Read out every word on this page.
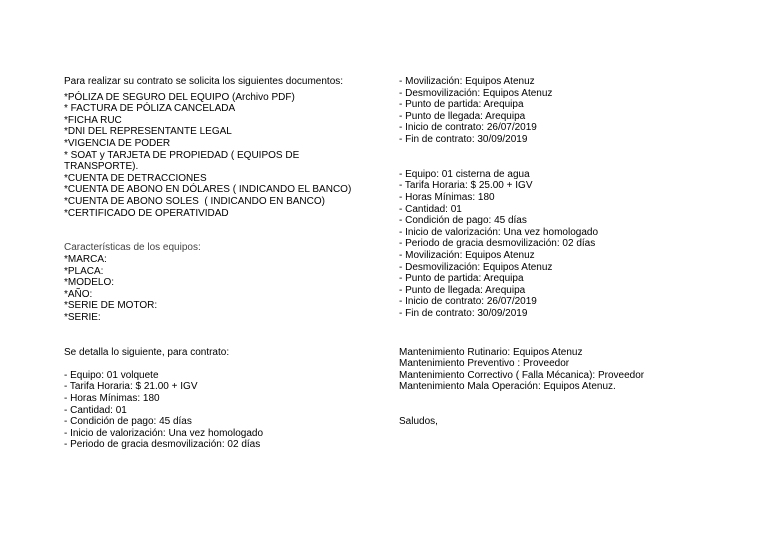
Para realizar su contrato se solicita los siguientes documentos:
*PÓLIZA DE SEGURO DEL EQUIPO (Archivo PDF)
* FACTURA DE PÓLIZA CANCELADA
*FICHA RUC
*DNI DEL REPRESENTANTE LEGAL
*VIGENCIA DE PODER
* SOAT y TARJETA DE PROPIEDAD ( EQUIPOS DE
TRANSPORTE).
*CUENTA DE DETRACCIONES
*CUENTA DE ABONO EN DÓLARES ( INDICANDO EL BANCO)
*CUENTA DE ABONO SOLES  ( INDICANDO EN BANCO)
*CERTIFICADO DE OPERATIVIDAD
Características de los equipos:
*MARCA:
*PLACA:
*MODELO:
*AÑO:
*SERIE DE MOTOR:
*SERIE:
Se detalla lo siguiente, para contrato:
- Equipo: 01 volquete
- Tarifa Horaria: $ 21.00 + IGV
- Horas Mínimas: 180
- Cantidad: 01
- Condición de pago: 45 días
- Inicio de valorización: Una vez homologado
- Periodo de gracia desmovilización: 02 días
- Movilización: Equipos Atenuz
- Desmovilización: Equipos Atenuz
- Punto de partida: Arequipa
- Punto de llegada: Arequipa
- Inicio de contrato: 26/07/2019
- Fin de contrato: 30/09/2019
- Equipo: 01 cisterna de agua
- Tarifa Horaria: $ 25.00 + IGV
- Horas Mínimas: 180
- Cantidad: 01
- Condición de pago: 45 días
- Inicio de valorización: Una vez homologado
- Periodo de gracia desmovilización: 02 días
- Movilización: Equipos Atenuz
- Desmovilización: Equipos Atenuz
- Punto de partida: Arequipa
- Punto de llegada: Arequipa
- Inicio de contrato: 26/07/2019
- Fin de contrato: 30/09/2019
Mantenimiento Rutinario: Equipos Atenuz
Mantenimiento Preventivo : Proveedor
Mantenimiento Correctivo ( Falla Mécanica): Proveedor
Mantenimiento Mala Operación: Equipos Atenuz.
Saludos,
